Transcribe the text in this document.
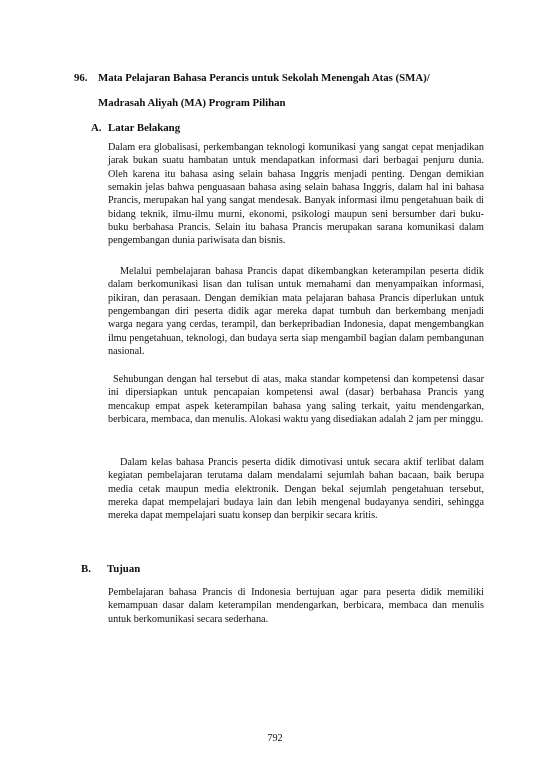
96. Mata Pelajaran Bahasa Perancis untuk Sekolah Menengah Atas (SMA)/
Madrasah Aliyah (MA) Program Pilihan
A. Latar Belakang

Dalam era globalisasi, perkembangan teknologi komunikasi yang sangat cepat menjadikan jarak bukan suatu hambatan untuk mendapatkan informasi dari berbagai penjuru dunia. Oleh karena itu bahasa asing selain bahasa Inggris menjadi penting. Dengan demikian semakin jelas bahwa penguasaan bahasa asing selain bahasa Inggris, dalam hal ini bahasa Prancis, merupakan hal yang sangat mendesak. Banyak informasi ilmu pengetahuan baik di bidang teknik, ilmu-ilmu murni, ekonomi, psikologi maupun seni bersumber dari buku-buku berbahasa Prancis. Selain itu bahasa Prancis merupakan sarana komunikasi dalam pengembangan dunia pariwisata dan bisnis.

Melalui pembelajaran bahasa Prancis dapat dikembangkan keterampilan peserta didik dalam berkomunikasi lisan dan tulisan untuk memahami dan menyampaikan informasi, pikiran, dan perasaan. Dengan demikian mata pelajaran bahasa Prancis diperlukan untuk pengembangan diri peserta didik agar mereka dapat tumbuh dan berkembang menjadi warga negara yang cerdas, terampil, dan berkepribadian Indonesia, dapat mengembangkan ilmu pengetahuan, teknologi, dan budaya serta siap mengambil bagian dalam pembangunan nasional.

Sehubungan dengan hal tersebut di atas, maka standar kompetensi dan kompetensi dasar ini dipersiapkan untuk pencapaian kompetensi awal (dasar) berbahasa Prancis yang mencakup empat aspek keterampilan bahasa yang saling terkait, yaitu mendengarkan, berbicara, membaca, dan menulis. Alokasi waktu yang disediakan adalah 2 jam per minggu.

Dalam kelas bahasa Prancis peserta didik dimotivasi untuk secara aktif terlibat dalam kegiatan pembelajaran terutama dalam mendalami sejumlah bahan bacaan, baik berupa media cetak maupun media elektronik. Dengan bekal sejumlah pengetahuan tersebut, mereka dapat mempelajari budaya lain dan lebih mengenal budayanya sendiri, sehingga mereka dapat mempelajari suatu konsep dan berpikir secara kritis.

B. Tujuan

Pembelajaran bahasa Prancis di Indonesia bertujuan agar para peserta didik memiliki kemampuan dasar dalam keterampilan mendengarkan, berbicara, membaca dan menulis untuk berkomunikasi secara sederhana.

792
